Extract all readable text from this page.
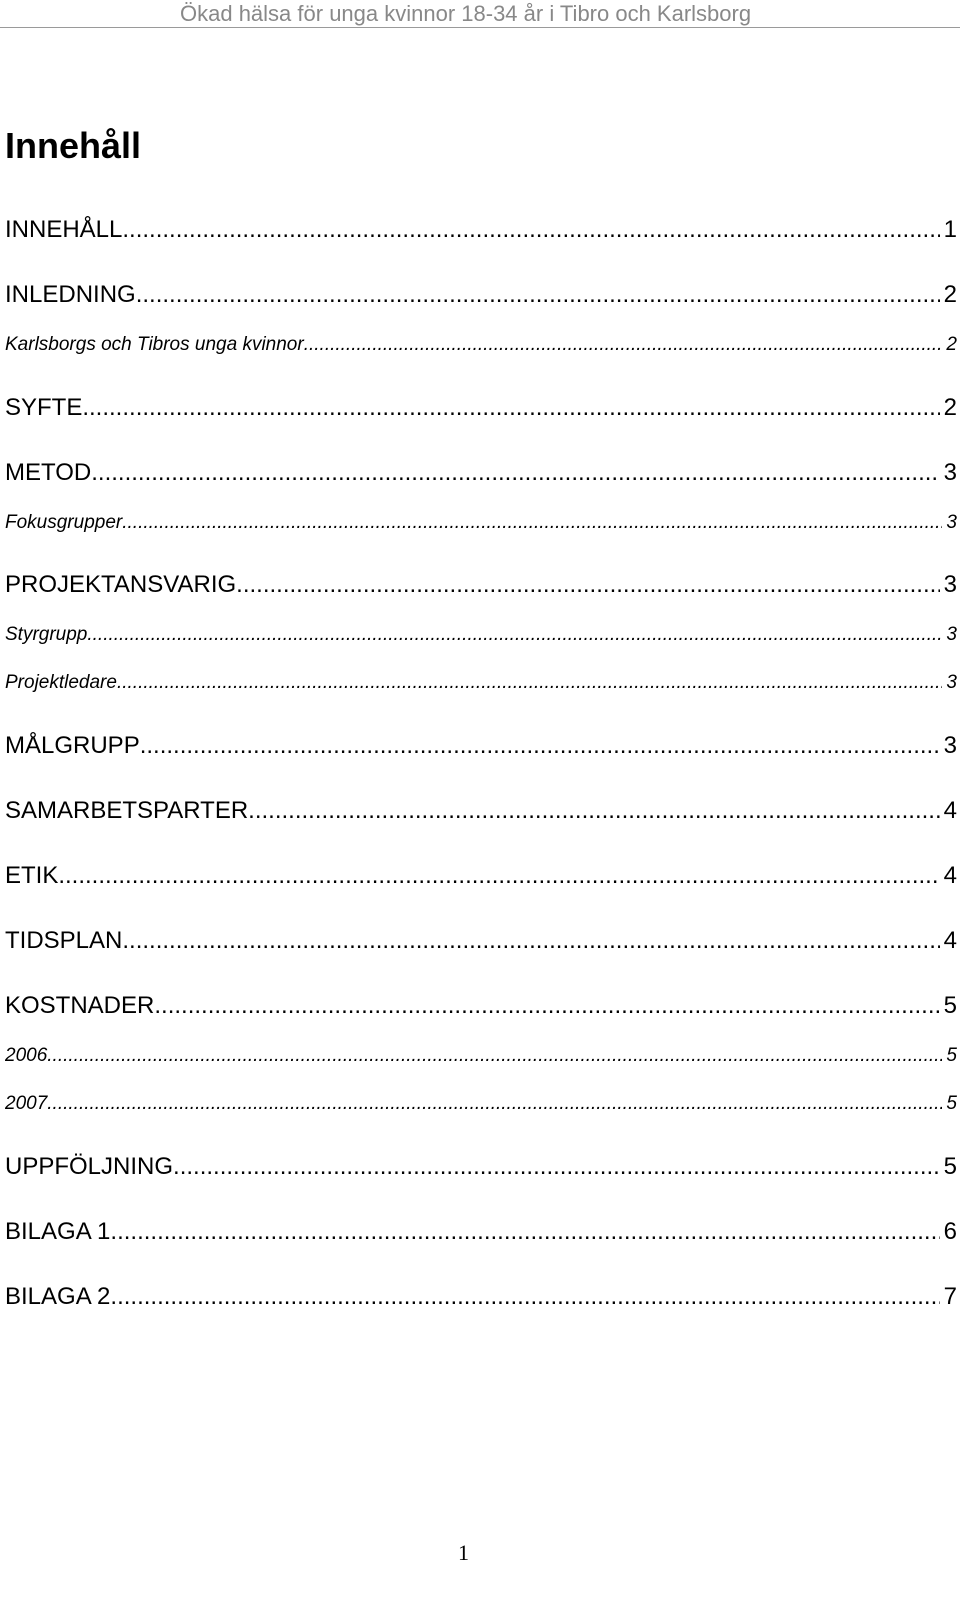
Ökad hälsa för unga kvinnor 18-34 år i Tibro och Karlsborg
Innehåll
INNEHÅLL .....	1
INLEDNING .....	2
Karlsborgs och Tibros unga kvinnor .....	2
SYFTE .....	2
METOD .....	3
Fokusgrupper .....	3
PROJEKTANSVARIG .....	3
Styrgrupp .....	3
Projektledare .....	3
MÅLGRUPP .....	3
SAMARBETSPARTER .....	4
ETIK .....	4
TIDSPLAN .....	4
KOSTNADER .....	5
2006 .....	5
2007 .....	5
UPPFÖLJNING .....	5
BILAGA 1 .....	6
BILAGA 2 .....	7
1
